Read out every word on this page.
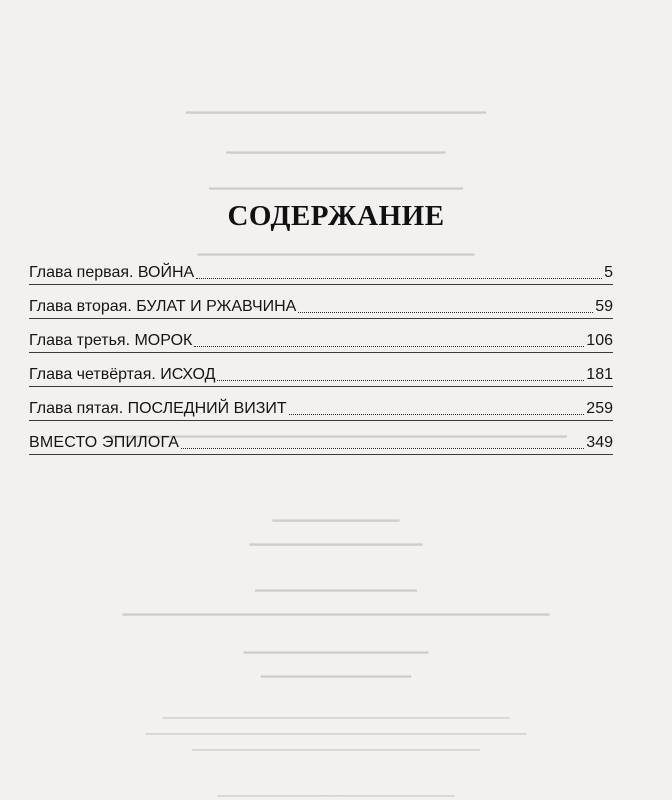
▁▁▁▁▁▁▁▁▁▁▁▁▁▁▁▁▁▁▁▁▁▁▁▁▁▁
▁▁▁▁▁▁▁▁▁▁▁▁▁▁▁▁▁▁▁
▁▁▁▁▁▁▁▁▁▁▁▁▁▁▁▁▁▁▁▁▁▁
▁▁▁▁▁▁▁▁▁▁▁▁▁▁▁▁▁▁▁▁▁▁▁▁
▁▁▁▁▁▁▁▁▁▁▁▁▁▁▁▁▁▁▁▁▁▁▁▁▁▁▁▁▁▁▁▁▁▁▁▁▁▁▁▁
▁▁▁▁▁▁▁▁▁▁▁
▁▁▁▁▁▁▁▁▁▁▁▁▁▁▁
▁▁▁▁▁▁▁▁▁▁▁▁▁▁
▁▁▁▁▁▁▁▁▁▁▁▁▁▁▁▁▁▁▁▁▁▁▁▁▁▁▁▁▁▁▁▁▁▁▁▁▁
▁▁▁▁▁▁▁▁▁▁▁▁▁▁▁▁
▁▁▁▁▁▁▁▁▁▁▁▁▁
▁▁▁▁▁▁▁▁▁▁▁▁▁▁▁▁▁▁▁▁▁▁▁▁▁▁▁▁▁▁▁▁▁▁▁▁▁▁▁▁▁
▁▁▁▁▁▁▁▁▁▁▁▁▁▁▁▁▁▁▁▁▁▁▁▁▁▁▁▁▁▁▁▁▁▁▁▁▁▁▁▁▁▁▁▁▁
▁▁▁▁▁▁▁▁▁▁▁▁▁▁▁▁▁▁▁▁▁▁▁▁▁▁▁▁▁▁▁▁▁▁
▁▁▁▁▁▁▁▁▁▁▁▁▁▁▁▁▁▁▁▁▁▁▁▁▁▁▁▁
СОДЕРЖАНИЕ
Глава первая. ВОЙНА	5
Глава вторая. БУЛАТ И РЖАВЧИНА	59
Глава третья. МОРОК	106
Глава четвёртая. ИСХОД	181
Глава пятая. ПОСЛЕДНИЙ ВИЗИТ	259
ВМЕСТО ЭПИЛОГА	349
